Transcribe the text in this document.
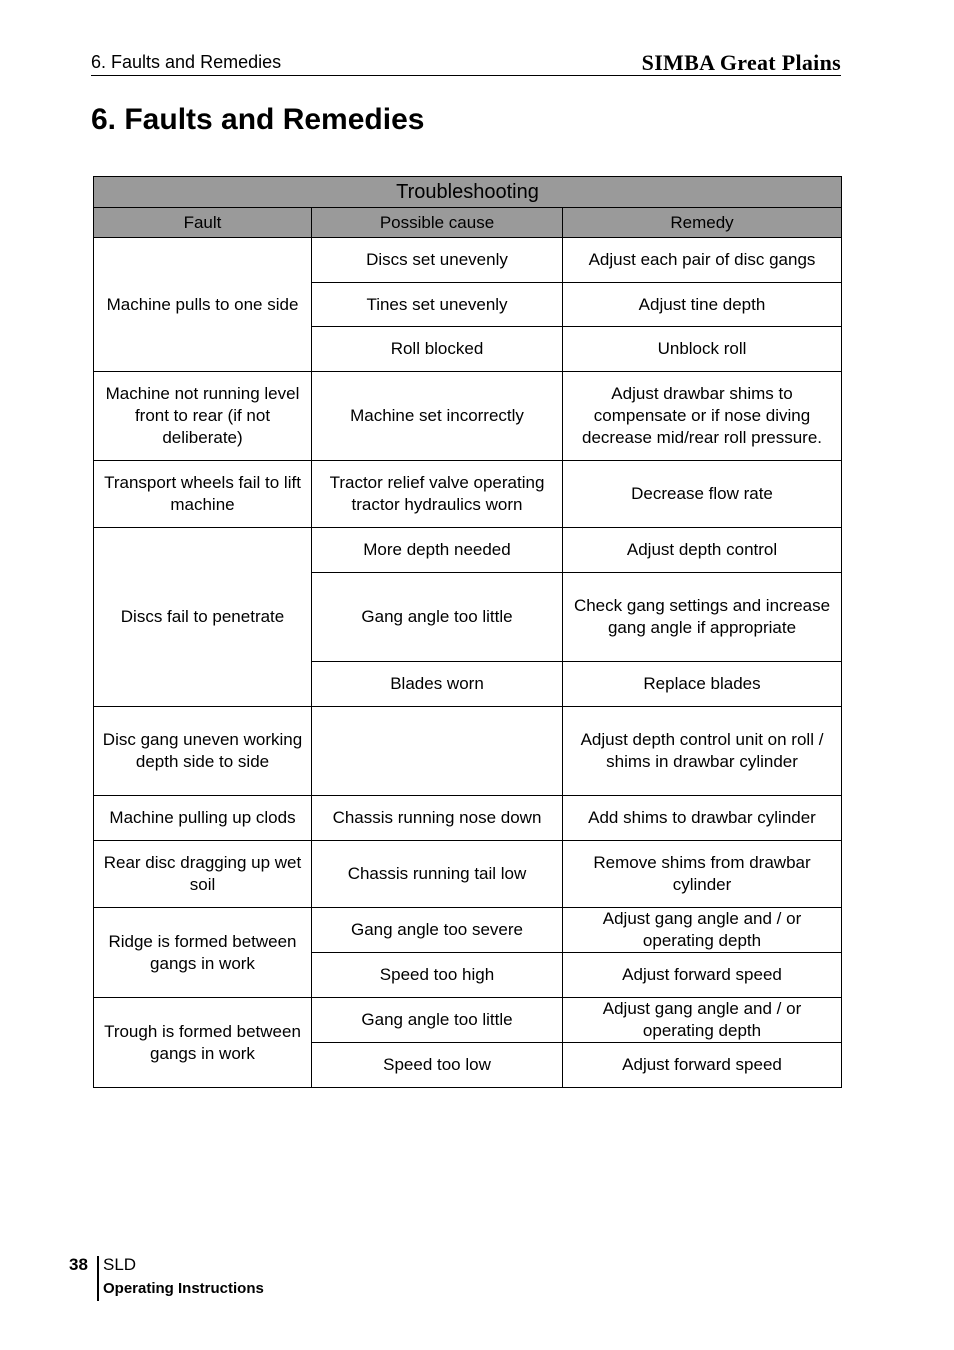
6. Faults and Remedies	SIMBA Great Plains
6. Faults and Remedies
Troubleshooting		
Fault	Possible cause	Remedy
Machine pulls to one side	Discs set unevenly	Adjust each pair of disc gangs
	Tines set unevenly	Adjust tine depth
	Roll blocked	Unblock roll
Machine not running level front to rear (if not deliberate)	Machine set incorrectly	Adjust drawbar shims to compensate or if nose diving decrease mid/rear roll pressure.
Transport wheels fail to lift machine	Tractor relief valve operating tractor hydraulics worn	Decrease flow rate
Discs fail to penetrate	More depth needed	Adjust depth control
	Gang angle too little	Check gang settings and increase gang angle if appropriate
	Blades worn	Replace blades
Disc gang uneven working depth side to side		Adjust depth control unit on roll / shims in drawbar cylinder
Machine pulling up clods	Chassis running nose down	Add shims to drawbar cylinder
Rear disc dragging up wet soil	Chassis running tail low	Remove shims from drawbar cylinder
Ridge is formed between gangs in work	Gang angle too severe	Adjust gang angle and / or operating depth
	Speed too high	Adjust forward speed
Trough is formed between gangs in work	Gang angle too little	Adjust gang angle and / or operating depth
	Speed too low	Adjust forward speed
38 SLD
Operating Instructions
